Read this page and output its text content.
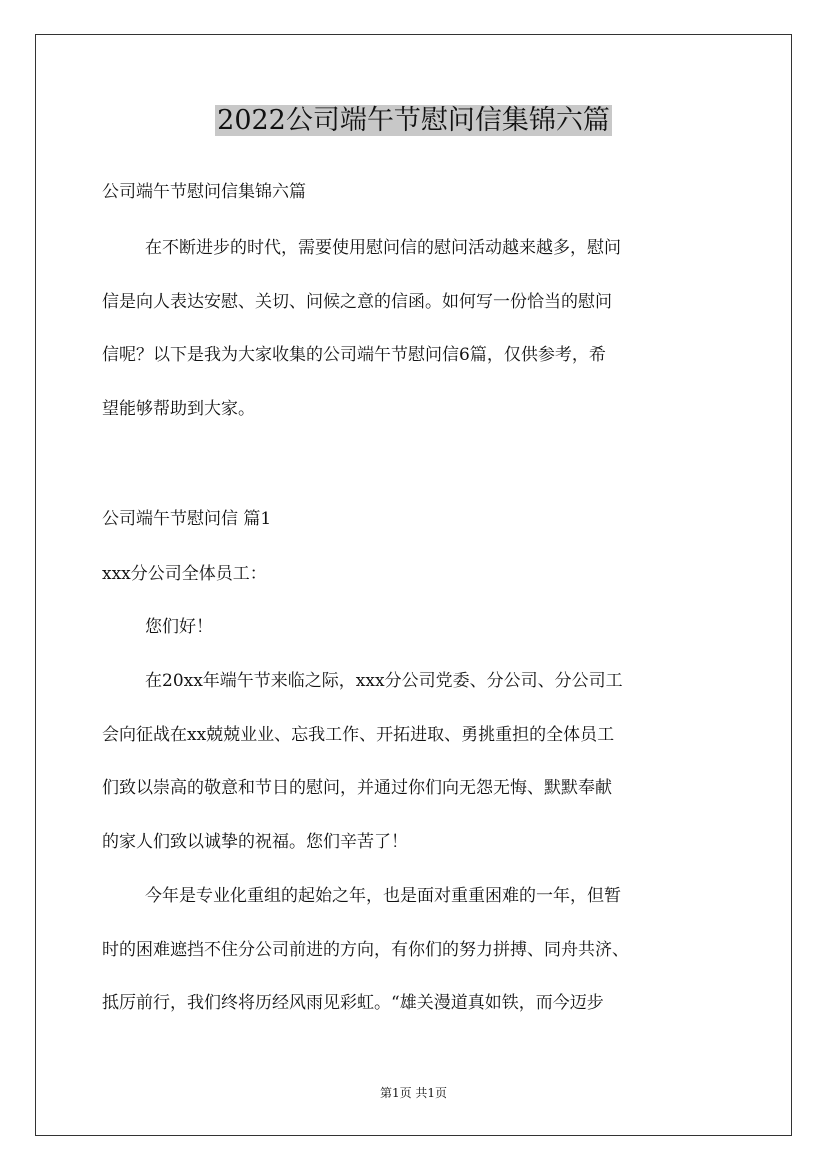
2022公司端午节慰问信集锦六篇
公司端午节慰问信集锦六篇
在不断进步的时代，需要使用慰问信的慰问活动越来越多，慰问
信是向人表达安慰、关切、问候之意的信函。如何写一份恰当的慰问
信呢？以下是我为大家收集的公司端午节慰问信6篇，仅供参考，希
望能够帮助到大家。
公司端午节慰问信 篇1
xxx分公司全体员工：
您们好！
在20xx年端午节来临之际，xxx分公司党委、分公司、分公司工
会向征战在xx兢兢业业、忘我工作、开拓进取、勇挑重担的全体员工
们致以崇高的敬意和节日的慰问，并通过你们向无怨无悔、默默奉献
的家人们致以诚挚的祝福。您们辛苦了！
今年是专业化重组的起始之年，也是面对重重困难的一年，但暂
时的困难遮挡不住分公司前进的方向，有你们的努力拼搏、同舟共济、
抵厉前行，我们终将历经风雨见彩虹。“雄关漫道真如铁，而今迈步
第1页 共1页
